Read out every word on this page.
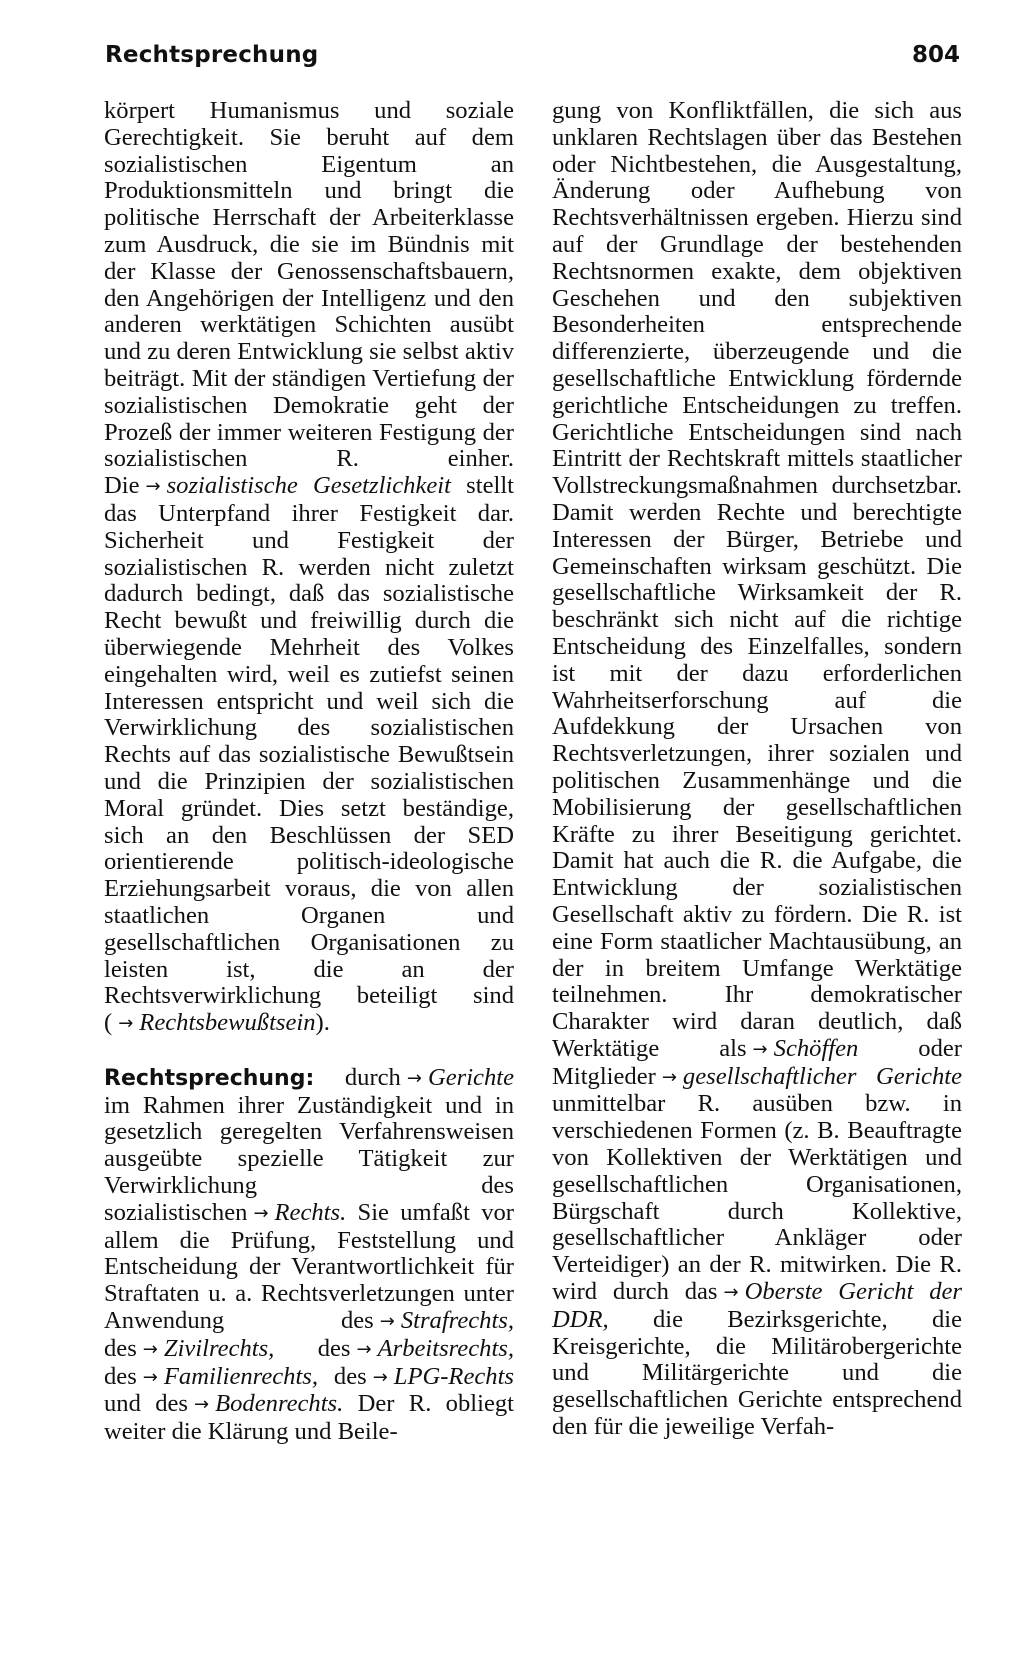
Rechtsprechung	804

körpert Humanismus und soziale Gerechtigkeit. Sie beruht auf dem sozialistischen Eigentum an Produktionsmitteln und bringt die politische Herrschaft der Arbeiterklasse zum Ausdruck, die sie im Bündnis mit der Klasse der Genossenschaftsbauern, den Angehörigen der Intelligenz und den anderen werktätigen Schichten ausübt und zu deren Entwicklung sie selbst aktiv beiträgt. Mit der ständigen Vertiefung der sozialistischen Demokratie geht der Prozeß der immer weiteren Festigung der sozialistischen R. einher. Die → sozialistische Gesetzlichkeit stellt das Unterpfand ihrer Festigkeit dar. Sicherheit und Festigkeit der sozialistischen R. werden nicht zuletzt dadurch bedingt, daß das sozialistische Recht bewußt und freiwillig durch die überwiegende Mehrheit des Volkes eingehalten wird, weil es zutiefst seinen Interessen entspricht und weil sich die Verwirklichung des sozialistischen Rechts auf das sozialistische Bewußtsein und die Prinzipien der sozialistischen Moral gründet. Dies setzt beständige, sich an den Beschlüssen der SED orientierende politisch-ideologische Erziehungsarbeit voraus, die von allen staatlichen Organen und gesellschaftlichen Organisationen zu leisten ist, die an der Rechtsverwirklichung beteiligt sind ( → Rechtsbewußtsein).

Rechtsprechung: durch → Gerichte im Rahmen ihrer Zuständigkeit und in gesetzlich geregelten Verfahrensweisen ausgeübte spezielle Tätigkeit zur Verwirklichung des sozialistischen → Rechts. Sie umfaßt vor allem die Prüfung, Feststellung und Entscheidung der Verantwortlichkeit für Straftaten u. a. Rechtsverletzungen unter Anwendung des → Strafrechts, des → Zivilrechts, des → Arbeitsrechts, des → Familienrechts, des → LPG-Rechts und des → Bodenrechts. Der R. obliegt weiter die Klärung und Beile-

gung von Konfliktfällen, die sich aus unklaren Rechtslagen über das Bestehen oder Nichtbestehen, die Ausgestaltung, Änderung oder Aufhebung von Rechtsverhältnissen ergeben. Hierzu sind auf der Grundlage der bestehenden Rechtsnormen exakte, dem objektiven Geschehen und den subjektiven Besonderheiten entsprechende differenzierte, überzeugende und die gesellschaftliche Entwicklung fördernde gerichtliche Entscheidungen zu treffen. Gerichtliche Entscheidungen sind nach Eintritt der Rechtskraft mittels staatlicher Vollstreckungsmaßnahmen durchsetzbar. Damit werden Rechte und berechtigte Interessen der Bürger, Betriebe und Gemeinschaften wirksam geschützt. Die gesellschaftliche Wirksamkeit der R. beschränkt sich nicht auf die richtige Entscheidung des Einzelfalles, sondern ist mit der dazu erforderlichen Wahrheitserforschung auf die Aufdekkung der Ursachen von Rechtsverletzungen, ihrer sozialen und politischen Zusammenhänge und die Mobilisierung der gesellschaftlichen Kräfte zu ihrer Beseitigung gerichtet. Damit hat auch die R. die Aufgabe, die Entwicklung der sozialistischen Gesellschaft aktiv zu fördern. Die R. ist eine Form staatlicher Machtausübung, an der in breitem Umfange Werktätige teilnehmen. Ihr demokratischer Charakter wird daran deutlich, daß Werktätige als → Schöffen oder Mitglieder → gesellschaftlicher Gerichte unmittelbar R. ausüben bzw. in verschiedenen Formen (z. B. Beauftragte von Kollektiven der Werktätigen und gesellschaftlichen Organisationen, Bürgschaft durch Kollektive, gesellschaftlicher Ankläger oder Verteidiger) an der R. mitwirken. Die R. wird durch das → Oberste Gericht der DDR, die Bezirksgerichte, die Kreisgerichte, die Militärobergerichte und Militärgerichte und die gesellschaftlichen Gerichte entsprechend den für die jeweilige Verfah-
